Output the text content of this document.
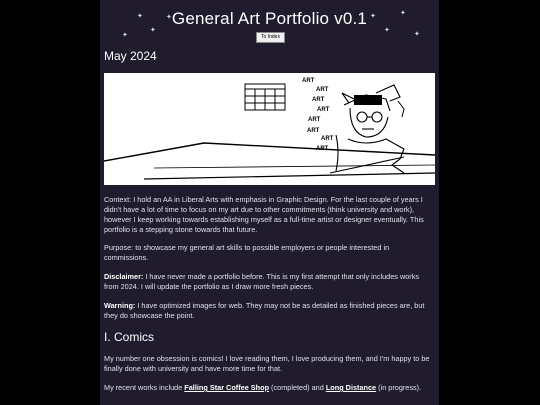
✦
✦
✦
✦	✦
✦
✦
✦
General Art Portfolio v0.1
To Index
May 2024
ART
ART
ART
ART
ART
ART
ART
ART
Context: I hold an AA in Liberal Arts with emphasis in Graphic Design. For the last couple of years I didn't have a lot of time to focus on my art due to other commitments (think university and work), however I keep working towards establishing myself as a full-time artist or designer eventually. This portfolio is a stepping stone towards that future.
Purpose: to showcase my general art skills to possible employers or people interested in commissions.
Disclaimer: I have never made a portfolio before. This is my first attempt that only includes works from 2024. I will update the portfolio as I draw more fresh pieces.
Warning: I have optimized images for web. They may not be as detailed as finished pieces are, but they do showcase the point.
I. Comics
My number one obsession is comics! I love reading them, I love producing them, and I'm happy to be finally done with university and have more time for that.
My recent works include Falling Star Coffee Shop (completed) and Long Distance (in progress).
